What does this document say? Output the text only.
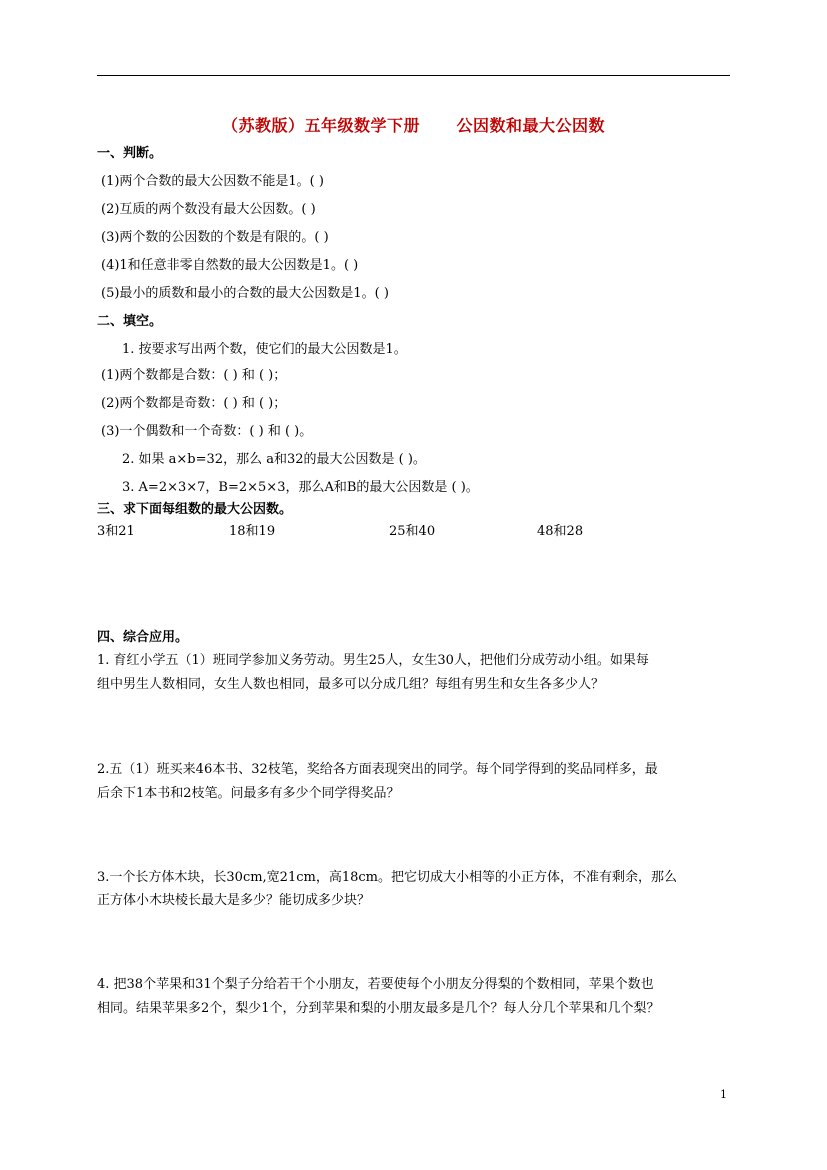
（苏教版）五年级数学下册      公因数和最大公因数
一、判断。
(1)两个合数的最大公因数不能是1。( )
(2)互质的两个数没有最大公因数。( )
(3)两个数的公因数的个数是有限的。( )
(4)1和任意非零自然数的最大公因数是1。( )
(5)最小的质数和最小的合数的最大公因数是1。( )
二、填空。
1. 按要求写出两个数，使它们的最大公因数是1。
(1)两个数都是合数：( ) 和 ( )；
(2)两个数都是奇数：( ) 和 ( )；
(3)一个偶数和一个奇数：( ) 和 ( )。
2. 如果 a×b=32，那么 a和32的最大公因数是 ( )。
3. A=2×3×7，B=2×5×3，那么A和B的最大公因数是 ( )。
三、求下面每组数的最大公因数。
3和21	18和19	25和40	48和28
四、综合应用。
1. 育红小学五（1）班同学参加义务劳动。男生25人，女生30人，把他们分成劳动小组。如果每
组中男生人数相同，女生人数也相同，最多可以分成几组？每组有男生和女生各多少人？
2.五（1）班买来46本书、32枝笔，奖给各方面表现突出的同学。每个同学得到的奖品同样多，最
后余下1本书和2枝笔。问最多有多少个同学得奖品？
3.一个长方体木块，长30cm,宽21cm，高18cm。把它切成大小相等的小正方体，不准有剩余，那么
正方体小木块棱长最大是多少？能切成多少块？
4. 把38个苹果和31个梨子分给若干个小朋友，若要使每个小朋友分得梨的个数相同，苹果个数也
相同。结果苹果多2个，梨少1个，分到苹果和梨的小朋友最多是几个？每人分几个苹果和几个梨？
1
